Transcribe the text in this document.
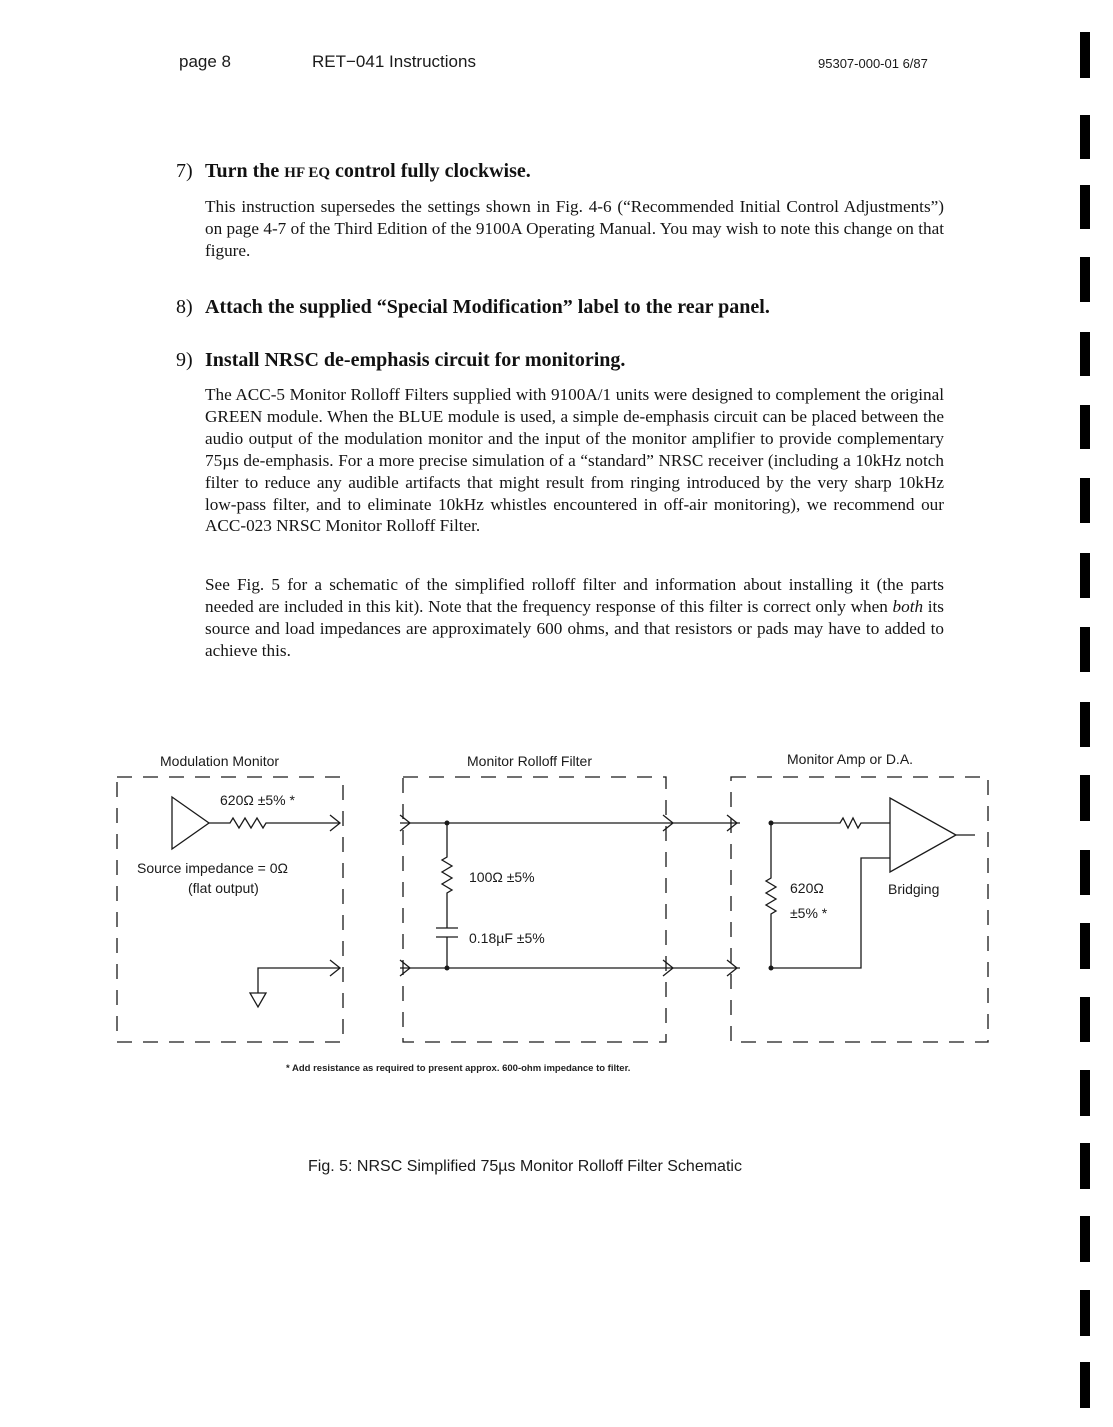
page 8	RET−041 Instructions	95307-000-01 6/87
7) Turn the HF EQ control fully clockwise.

This instruction supersedes the settings shown in Fig. 4-6 (“Recommended Initial Control Adjustments”) on page 4-7 of the Third Edition of the 9100A Operating Manual. You may wish to note this change on that figure.

8) Attach the supplied “Special Modification” label to the rear panel.
9) Install NRSC de-emphasis circuit for monitoring.

The ACC-5 Monitor Rolloff Filters supplied with 9100A/1 units were designed to complement the original GREEN module. When the BLUE module is used, a simple de-emphasis circuit can be placed between the audio output of the modulation monitor and the input of the monitor amplifier to provide complementary 75µs de-emphasis. For a more precise simulation of a “standard” NRSC receiver (including a 10kHz notch filter to reduce any audible artifacts that might result from ringing introduced by the very sharp 10kHz low-pass filter, and to eliminate 10kHz whistles encountered in off-air monitoring), we recommend our ACC-023 NRSC Monitor Rolloff Filter.

See Fig. 5 for a schematic of the simplified rolloff filter and information about installing it (the parts needed are included in this kit). Note that the frequency response of this filter is correct only when both its source and load impedances are approximately 600 ohms, and that resistors or pads may have to added to achieve this.

Modulation Monitor	Monitor Rolloff Filter	Monitor Amp or D.A.
620Ω ±5% *
Source impedance = 0Ω
(flat output)
100Ω ±5%
0.18µF ±5%
620Ω
±5% *
Bridging
* Add resistance as required to present approx. 600-ohm impedance to filter.
Fig. 5: NRSC Simplified 75µs Monitor Rolloff Filter Schematic
